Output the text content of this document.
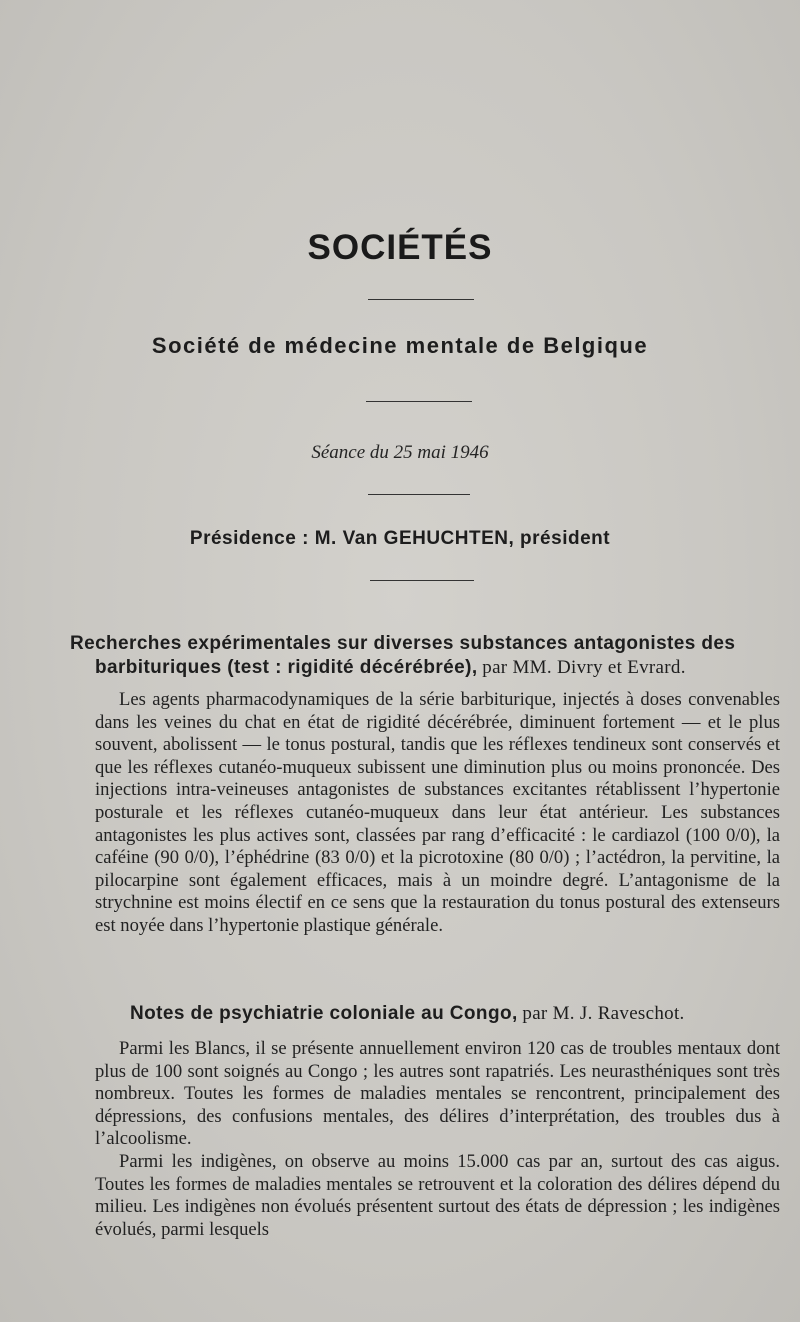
SOCIÉTÉS
Société de médecine mentale de Belgique
Séance du 25 mai 1946
Présidence : M. Van GEHUCHTEN, président
Recherches expérimentales sur diverses substances antagonistes des
barbituriques (test : rigidité décérébrée), par MM. Divry et Evrard.

Les agents pharmacodynamiques de la série barbiturique, injectés à doses convenables dans les veines du chat en état de rigidité décérébrée, diminuent fortement — et le plus souvent, abolissent — le tonus postural, tandis que les réflexes tendineux sont conservés et que les réflexes cutanéo-muqueux subissent une diminution plus ou moins prononcée. Des injections intra-veineuses antagonistes de substances excitantes rétablissent l’hypertonie posturale et les réflexes cutanéo-muqueux dans leur état antérieur. Les substances antagonistes les plus actives sont, classées par rang d’efficacité : le cardiazol (100 0/0), la caféine (90 0/0), l’éphédrine (83 0/0) et la picrotoxine (80 0/0) ; l’actédron, la pervitine, la pilocarpine sont également efficaces, mais à un moindre degré. L’antagonisme de la strychnine est moins électif en ce sens que la restauration du tonus postural des extenseurs est noyée dans l’hypertonie plastique générale.

Notes de psychiatrie coloniale au Congo, par M. J. Ravesсhot.

Parmi les Blancs, il se présente annuellement environ 120 cas de troubles mentaux dont plus de 100 sont soignés au Congo ; les autres sont rapatriés. Les neurasthéniques sont très nombreux. Toutes les formes de maladies mentales se rencontrent, principalement des dépressions, des confusions mentales, des délires d’interprétation, des troubles dus à l’alcoolisme.

Parmi les indigènes, on observe au moins 15.000 cas par an, surtout des cas aigus. Toutes les formes de maladies mentales se retrouvent et la coloration des délires dépend du milieu. Les indigènes non évolués présentent surtout des états de dépression ; les indigènes évolués, parmi lesquels
